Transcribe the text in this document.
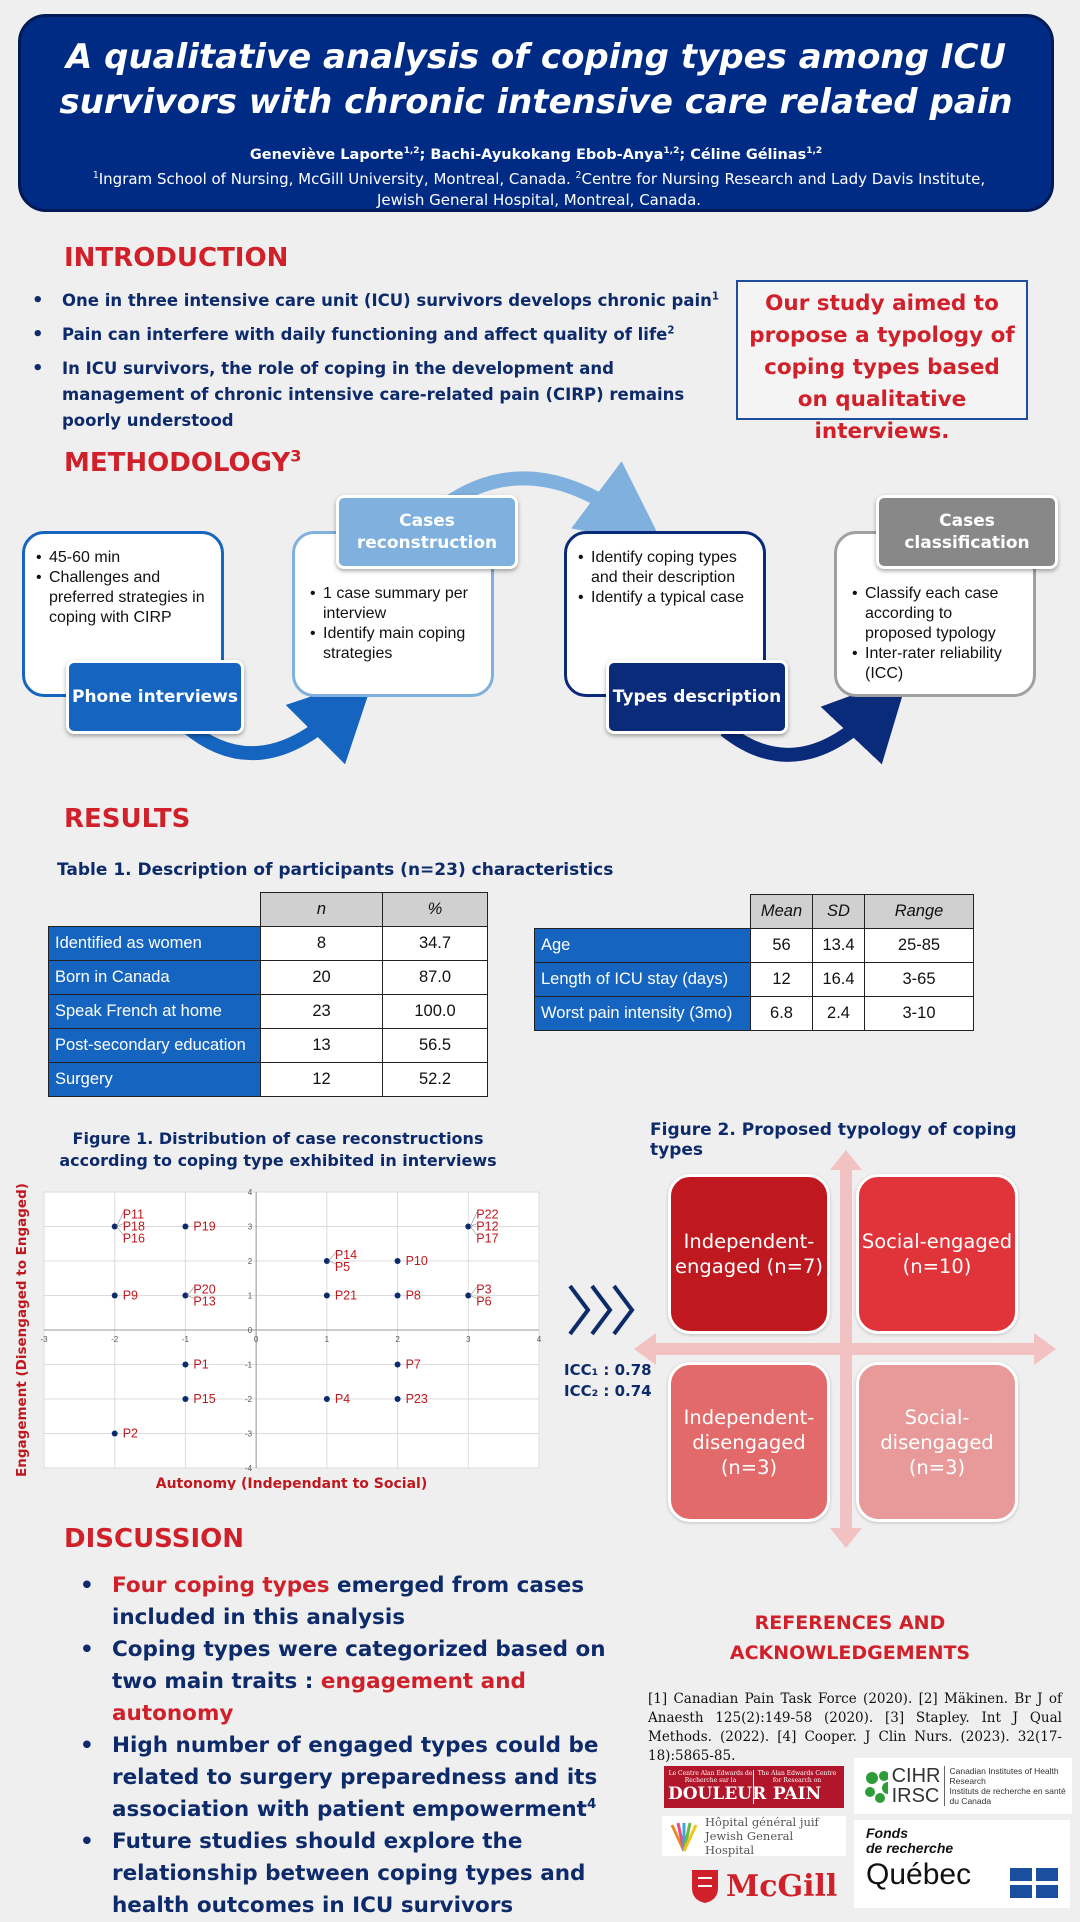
A qualitative analysis of coping types among ICU
survivors with chronic intensive care related pain
Geneviève Laporte$^{1,2}$; Bachi-Ayukokang Ebob-Anya$^{1,2}$; Céline Gélinas$^{1,2}$
$^1$Ingram School of Nursing, McGill University, Montreal, Canada. $^2$Centre for Nursing Research and Lady Davis Institute,
Jewish General Hospital, Montreal, Canada.
INTRODUCTION
• One in three intensive care unit (ICU) survivors develops chronic pain$^1$
• Pain can interfere with daily functioning and affect quality of life$^2$
• In ICU survivors, the role of coping in the development and management of chronic intensive care-related pain (CIRP) remains poorly understood
Our study aimed to propose a typology of coping types based on qualitative interviews.
METHODOLOGY$^3$
• 45-60 min
• Challenges and preferred strategies in coping with CIRP
Phone interviews
• 1 case summary per interview
• Identify main coping strategies
Cases reconstruction
• Identify coping types and their description
• Identify a typical case
Types description
• Classify each case according to proposed typology
• Inter-rater reliability (ICC)
Cases classification
RESULTS
Table 1. Description of participants (n=23) characteristics
	n	%
Identified as women	8	34.7
Born in Canada	20	87.0
Speak French at home	23	100.0
Post-secondary education	13	56.5
Surgery	12	52.2
	Mean	SD	Range
Age	56	13.4	25-85
Length of ICU stay (days)	12	16.4	3-65
Worst pain intensity (3mo)	6.8	2.4	3-10
Figure 1. Distribution of case reconstructions
according to coping type exhibited in interviews
-3	-2	-1	0	1	2	3	4
-4
-3
-2
-1
0
1
2
3
4
P11
P18
P16
P19
P9	P20
P13
P1
P15
P2
P14
P5	P10
P21	P8
P22
P12
P17
P3
P6
P7
P4	P23
Autonomy (Independant to Social)
Engagement (Disengaged to Engaged)
Figure 2. Proposed typology of coping types
Independent-engaged (n=7)
Social-engaged (n=10)
Independent-disengaged (n=3)
Social-disengaged (n=3)
ICC₁ : 0.78
ICC₂ : 0.74
DISCUSSION
• Four coping types emerged from cases included in this analysis
• Coping types were categorized based on two main traits : engagement and autonomy
• High number of engaged types could be related to surgery preparedness and its association with patient empowerment$^4$
• Future studies should explore the relationship between coping types and health outcomes in ICU survivors
REFERENCES AND
ACKNOWLEDGEMENTS
[1] Canadian Pain Task Force (2020). [2] Mäkinen. Br J of Anaesth 125(2):149-58 (2020). [3] Stapley. Int J Qual Methods. (2022). [4] Cooper. J Clin Nurs. (2023). 32(17-18):5865-85.
Le Centre Alan Edwards de Recherche sur la
DOULEUR
The Alan Edwards Centre for Research on
PAIN
CIHR
IRSC
Canadian Institutes of Health Research
Instituts de recherche en santé du Canada
Hôpital général juif
Jewish General Hospital
Fonds
de recherche
Québec
McGill
